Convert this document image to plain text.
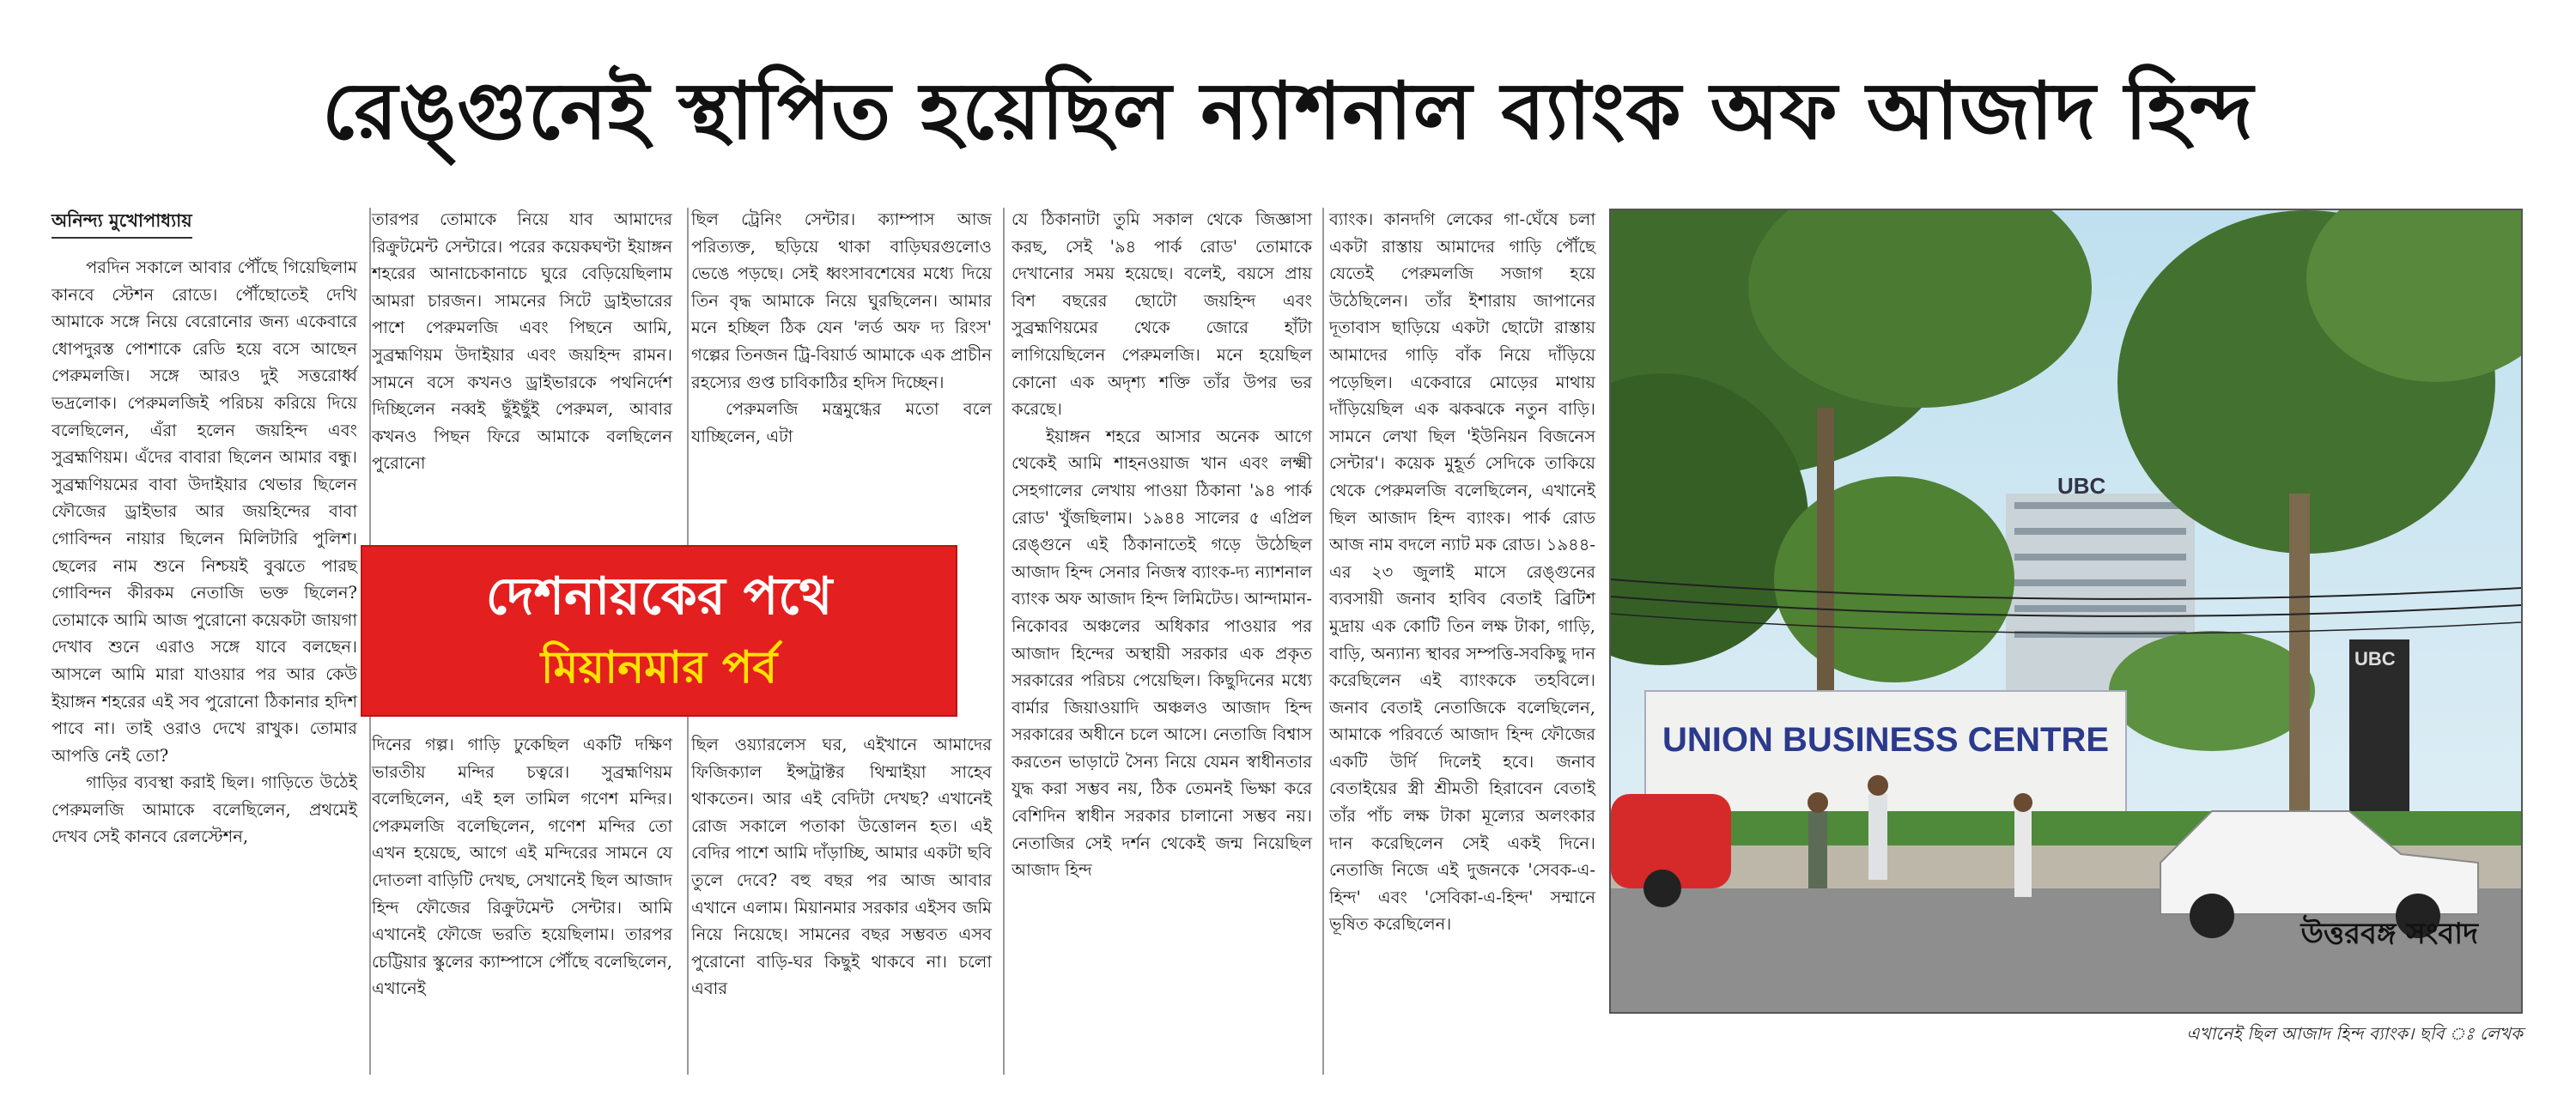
রেঙ্গুনেই স্থাপিত হয়েছিল ন্যাশনাল ব্যাংক অফ আজাদ হিন্দ
অনিন্দ্য মুখোপাধ্যায়

পরদিন সকালে আবার পৌঁছে গিয়েছিলাম কানবে স্টেশন রোডে। পৌঁছোতেই দেখি আমাকে সঙ্গে নিয়ে বেরোনোর জন্য একেবারে ধোপদুরস্ত পোশাকে রেডি হয়ে বসে আছেন পেরুমলজি। সঙ্গে আরও দুই সত্তরোর্ধ্ব ভদ্রলোক। পেরুমলজিই পরিচয় করিয়ে দিয়ে বলেছিলেন, এঁরা হলেন জয়হিন্দ এবং সুব্রহ্মণিয়ম। এঁদের বাবারা ছিলেন আমার বন্ধু। সুব্রহ্মণিয়মের বাবা উদাইয়ার থেভার ছিলেন ফৌজের ড্রাইভার আর জয়হিন্দের বাবা গোবিন্দন নায়ার ছিলেন মিলিটারি পুলিশ। ছেলের নাম শুনে নিশ্চয়ই বুঝতে পারছ গোবিন্দন কীরকম নেতাজি ভক্ত ছিলেন? তোমাকে আমি আজ পুরোনো কয়েকটা জায়গা দেখাব শুনে এরাও সঙ্গে যাবে বলছেন। আসলে আমি মারা যাওয়ার পর আর কেউ ইয়াঙ্গন শহরের এই সব পুরোনো ঠিকানার হদিশ পাবে না। তাই ওরাও দেখে রাখুক। তোমার আপত্তি নেই তো?

গাড়ির ব্যবস্থা করাই ছিল। গাড়িতে উঠেই পেরুমলজি আমাকে বলেছিলেন, প্রথমেই দেখব সেই কানবে রেলস্টেশন,

তারপর তোমাকে নিয়ে যাব আমাদের রিক্রুটমেন্ট সেন্টারে। পরের কয়েকঘণ্টা ইয়াঙ্গন শহরের আনাচেকানাচে ঘুরে বেড়িয়েছিলাম আমরা চারজন। সামনের সিটে ড্রাইভারের পাশে পেরুমলজি এবং পিছনে আমি, সুব্রহ্মণিয়ম উদাইয়ার এবং জয়হিন্দ রামন। সামনে বসে কখনও ড্রাইভারকে পথনির্দেশ দিচ্ছিলেন নব্বই ছুঁইছুঁই পেরুমল, আবার কখনও পিছন ফিরে আমাকে বলছিলেন পুরোনো

দিনের গল্প। গাড়ি ঢুকেছিল একটি দক্ষিণ ভারতীয় মন্দির চত্বরে। সুব্রহ্মণিয়ম বলেছিলেন, এই হল তামিল গণেশ মন্দির। পেরুমলজি বলেছিলেন, গণেশ মন্দির তো এখন হয়েছে, আগে এই মন্দিরের সামনে যে দোতলা বাড়িটি দেখছ, সেখানেই ছিল আজাদ হিন্দ ফৌজের রিক্রুটমেন্ট সেন্টার। আমি এখানেই ফৌজে ভরতি হয়েছিলাম। তারপর চেট্টিয়ার স্কুলের ক্যাম্পাসে পৌঁছে বলেছিলেন, এখানেই

ছিল ট্রেনিং সেন্টার। ক্যাম্পাস আজ পরিত্যক্ত, ছড়িয়ে থাকা বাড়িঘরগুলোও ভেঙে পড়ছে। সেই ধ্বংসাবশেষের মধ্যে দিয়ে তিন বৃদ্ধ আমাকে নিয়ে ঘুরছিলেন। আমার মনে হচ্ছিল ঠিক যেন 'লর্ড অফ দ্য রিংস' গল্পের তিনজন ট্রি-বিয়ার্ড আমাকে এক প্রাচীন রহস্যের গুপ্ত চাবিকাঠির হদিস দিচ্ছেন।

পেরুমলজি মন্ত্রমুগ্ধের মতো বলে যাচ্ছিলেন, এটা

ছিল ওয়্যারলেস ঘর, এইখানে আমাদের ফিজিক্যাল ইন্সট্রাক্টর থিম্মাইয়া সাহেব থাকতেন। আর এই বেদিটা দেখছ? এখানেই রোজ সকালে পতাকা উত্তোলন হত। এই বেদির পাশে আমি দাঁড়াচ্ছি, আমার একটা ছবি তুলে দেবে? বহু বছর পর আজ আবার এখানে এলাম। মিয়ানমার সরকার এইসব জমি নিয়ে নিয়েছে। সামনের বছর সম্ভবত এসব পুরোনো বাড়ি-ঘর কিছুই থাকবে না। চলো এবার

দেশনায়কের পথে
মিয়ানমার পর্ব

যে ঠিকানাটা তুমি সকাল থেকে জিজ্ঞাসা করছ, সেই '৯৪ পার্ক রোড' তোমাকে দেখানোর সময় হয়েছে। বলেই, বয়সে প্রায় বিশ বছরের ছোটো জয়হিন্দ এবং সুব্রহ্মণিয়মের থেকে জোরে হাঁটা লাগিয়েছিলেন পেরুমলজি। মনে হয়েছিল কোনো এক অদৃশ্য শক্তি তাঁর উপর ভর করেছে।

ইয়াঙ্গন শহরে আসার অনেক আগে থেকেই আমি শাহনওয়াজ খান এবং লক্ষ্মী সেহগালের লেখায় পাওয়া ঠিকানা '৯৪ পার্ক রোড' খুঁজছিলাম। ১৯৪৪ সালের ৫ এপ্রিল রেঙ্গুনে এই ঠিকানাতেই গড়ে উঠেছিল আজাদ হিন্দ সেনার নিজস্ব ব্যাংক-দ্য ন্যাশনাল ব্যাংক অফ আজাদ হিন্দ লিমিটেড। আন্দামান-নিকোবর অঞ্চলের অধিকার পাওয়ার পর আজাদ হিন্দের অস্থায়ী সরকার এক প্রকৃত সরকারের পরিচয় পেয়েছিল। কিছুদিনের মধ্যে বার্মার জিয়াওয়াদি অঞ্চলও আজাদ হিন্দ সরকারের অধীনে চলে আসে। নেতাজি বিশ্বাস করতেন ভাড়াটে সৈন্য নিয়ে যেমন স্বাধীনতার যুদ্ধ করা সম্ভব নয়, ঠিক তেমনই ভিক্ষা করে বেশিদিন স্বাধীন সরকার চালানো সম্ভব নয়। নেতাজির সেই দর্শন থেকেই জন্ম নিয়েছিল আজাদ হিন্দ

ব্যাংক। কানদগি লেকের গা-ঘেঁষে চলা একটা রাস্তায় আমাদের গাড়ি পৌঁছে যেতেই পেরুমলজি সজাগ হয়ে উঠেছিলেন। তাঁর ইশারায় জাপানের দূতাবাস ছাড়িয়ে একটা ছোটো রাস্তায় আমাদের গাড়ি বাঁক নিয়ে দাঁড়িয়ে পড়েছিল। একেবারে মোড়ের মাথায় দাঁড়িয়েছিল এক ঝকঝকে নতুন বাড়ি। সামনে লেখা ছিল 'ইউনিয়ন বিজনেস সেন্টার'। কয়েক মুহূর্ত সেদিকে তাকিয়ে থেকে পেরুমলজি বলেছিলেন, এখানেই ছিল আজাদ হিন্দ ব্যাংক। পার্ক রোড আজ নাম বদলে ন্যাট মক রোড। ১৯৪৪-এর ২৩ জুলাই মাসে রেঙ্গুনের ব্যবসায়ী জনাব হাবিব বেতাই ব্রিটিশ মুদ্রায় এক কোটি তিন লক্ষ টাকা, গাড়ি, বাড়ি, অন্যান্য স্থাবর সম্পত্তি-সবকিছু দান করেছিলেন এই ব্যাংককে তহবিলে। জনাব বেতাই নেতাজিকে বলেছিলেন, আমাকে পরিবর্তে আজাদ হিন্দ ফৌজের একটি উর্দি দিলেই হবে। জনাব বেতাইয়ের স্ত্রী শ্রীমতী হিরাবেন বেতাই তাঁর পাঁচ লক্ষ টাকা মূল্যের অলংকার দান করেছিলেন সেই একই দিনে। নেতাজি নিজে এই দুজনকে 'সেবক-এ-হিন্দ' এবং 'সেবিকা-এ-হিন্দ' সম্মানে ভূষিত করেছিলেন।

UBC
UBC
UNION BUSINESS CENTRE
উত্তরবঙ্গ সংবাদ
এখানেই ছিল আজাদ হিন্দ ব্যাংক। ছবি ঃ লেখক
